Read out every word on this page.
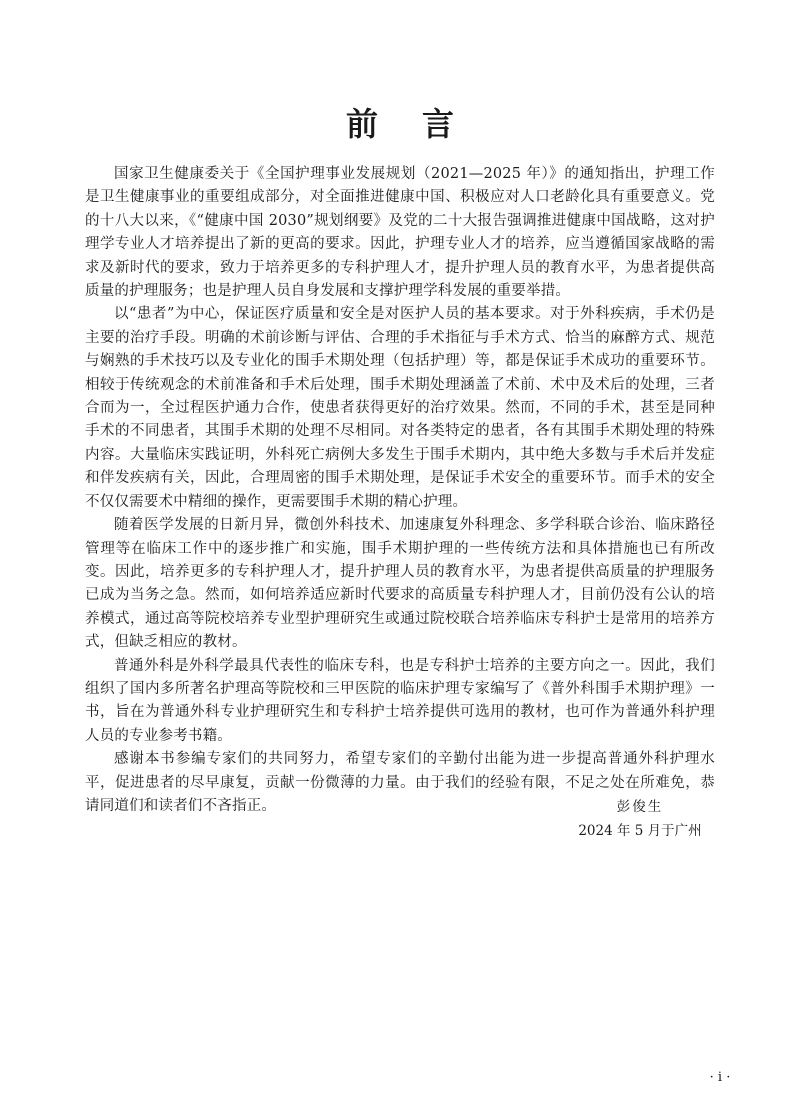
前言

国家卫生健康委关于《全国护理事业发展规划（2021—2025 年）》的通知指出，护理工作是卫生健康事业的重要组成部分，对全面推进健康中国、积极应对人口老龄化具有重要意义。党的十八大以来，《“健康中国 2030”规划纲要》及党的二十大报告强调推进健康中国战略，这对护理学专业人才培养提出了新的更高的要求。因此，护理专业人才的培养，应当遵循国家战略的需求及新时代的要求，致力于培养更多的专科护理人才，提升护理人员的教育水平，为患者提供高质量的护理服务；也是护理人员自身发展和支撑护理学科发展的重要举措。

以“患者”为中心，保证医疗质量和安全是对医护人员的基本要求。对于外科疾病，手术仍是主要的治疗手段。明确的术前诊断与评估、合理的手术指征与手术方式、恰当的麻醉方式、规范与娴熟的手术技巧以及专业化的围手术期处理（包括护理）等，都是保证手术成功的重要环节。相较于传统观念的术前准备和手术后处理，围手术期处理涵盖了术前、术中及术后的处理，三者合而为一，全过程医护通力合作，使患者获得更好的治疗效果。然而，不同的手术，甚至是同种手术的不同患者，其围手术期的处理不尽相同。对各类特定的患者，各有其围手术期处理的特殊内容。大量临床实践证明，外科死亡病例大多发生于围手术期内，其中绝大多数与手术后并发症和伴发疾病有关，因此，合理周密的围手术期处理，是保证手术安全的重要环节。而手术的安全不仅仅需要术中精细的操作，更需要围手术期的精心护理。

随着医学发展的日新月异，微创外科技术、加速康复外科理念、多学科联合诊治、临床路径管理等在临床工作中的逐步推广和实施，围手术期护理的一些传统方法和具体措施也已有所改变。因此，培养更多的专科护理人才，提升护理人员的教育水平，为患者提供高质量的护理服务已成为当务之急。然而，如何培养适应新时代要求的高质量专科护理人才，目前仍没有公认的培养模式，通过高等院校培养专业型护理研究生或通过院校联合培养临床专科护士是常用的培养方式，但缺乏相应的教材。

普通外科是外科学最具代表性的临床专科，也是专科护士培养的主要方向之一。因此，我们组织了国内多所著名护理高等院校和三甲医院的临床护理专家编写了《普外科围手术期护理》一书，旨在为普通外科专业护理研究生和专科护士培养提供可选用的教材，也可作为普通外科护理人员的专业参考书籍。

感谢本书参编专家们的共同努力，希望专家们的辛勤付出能为进一步提高普通外科护理水平，促进患者的尽早康复，贡献一份微薄的力量。由于我们的经验有限，不足之处在所难免，恭请同道们和读者们不吝指正。	彭俊生
2024 年 5 月于广州
· i ·
